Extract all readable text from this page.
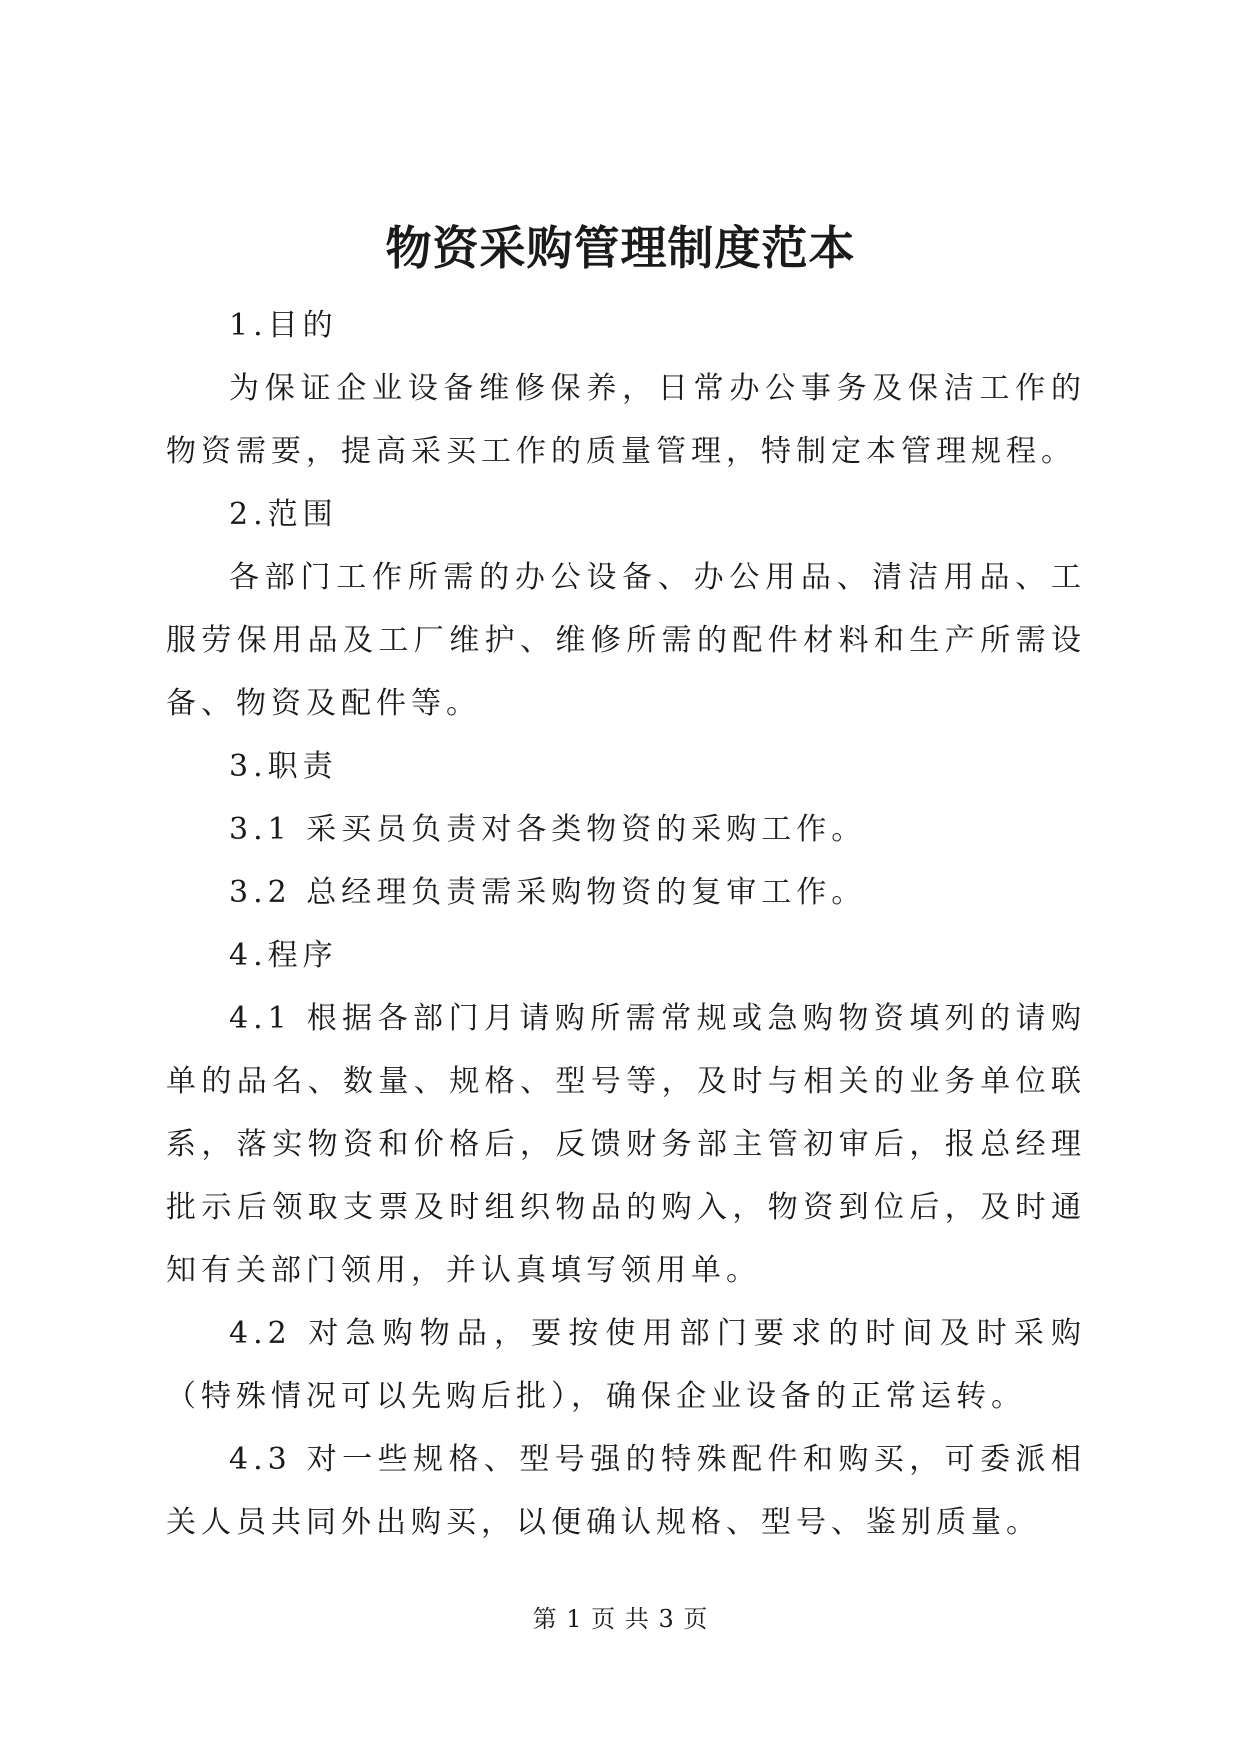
物资采购管理制度范本

1.目的

为保证企业设备维修保养，日常办公事务及保洁工作的物资需要，提高采买工作的质量管理，特制定本管理规程。

2.范围

各部门工作所需的办公设备、办公用品、清洁用品、工服劳保用品及工厂维护、维修所需的配件材料和生产所需设备、物资及配件等。

3.职责

3.1 采买员负责对各类物资的采购工作。

3.2 总经理负责需采购物资的复审工作。

4.程序

4.1 根据各部门月请购所需常规或急购物资填列的请购单的品名、数量、规格、型号等，及时与相关的业务单位联系，落实物资和价格后，反馈财务部主管初审后，报总经理批示后领取支票及时组织物品的购入，物资到位后，及时通知有关部门领用，并认真填写领用单。

4.2 对急购物品，要按使用部门要求的时间及时采购（特殊情况可以先购后批），确保企业设备的正常运转。

4.3 对一些规格、型号强的特殊配件和购买，可委派相关人员共同外出购买，以便确认规格、型号、鉴别质量。

第 1 页 共 3 页
